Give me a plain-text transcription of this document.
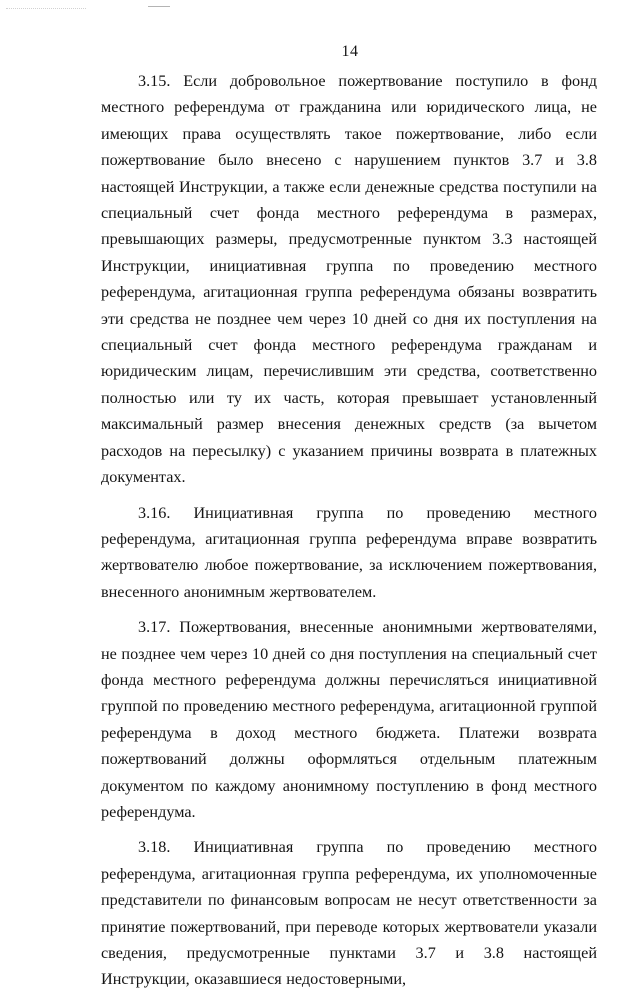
14

3.15. Если добровольное пожертвование поступило в фонд местного референдума от гражданина или юридического лица, не имеющих права осуществлять такое пожертвование, либо если пожертвование было внесено с нарушением пунктов 3.7 и 3.8 настоящей Инструкции, а также если денежные средства поступили на специальный счет фонда местного референдума в размерах, превышающих размеры, предусмотренные пунктом 3.3 настоящей Инструкции, инициативная группа по проведению местного референдума, агитационная группа референдума обязаны возвратить эти средства не позднее чем через 10 дней со дня их поступления на специальный счет фонда местного референдума гражданам и юридическим лицам, перечислившим эти средства, соответственно полностью или ту их часть, которая превышает установленный максимальный размер внесения денежных средств (за вычетом расходов на пересылку) с указанием причины возврата в платежных документах.

3.16. Инициативная группа по проведению местного референдума, агитационная группа референдума вправе возвратить жертвователю любое пожертвование, за исключением пожертвования, внесенного анонимным жертвователем.

3.17. Пожертвования, внесенные анонимными жертвователями, не позднее чем через 10 дней со дня поступления на специальный счет фонда местного референдума должны перечисляться инициативной группой по проведению местного референдума, агитационной группой референдума в доход местного бюджета. Платежи возврата пожертвований должны оформляться отдельным платежным документом по каждому анонимному поступлению в фонд местного референдума.

3.18. Инициативная группа по проведению местного референдума, агитационная группа референдума, их уполномоченные представители по финансовым вопросам не несут ответственности за принятие пожертвований, при переводе которых жертвователи указали сведения, предусмотренные пунктами 3.7 и 3.8 настоящей Инструкции, оказавшиеся недостоверными,
